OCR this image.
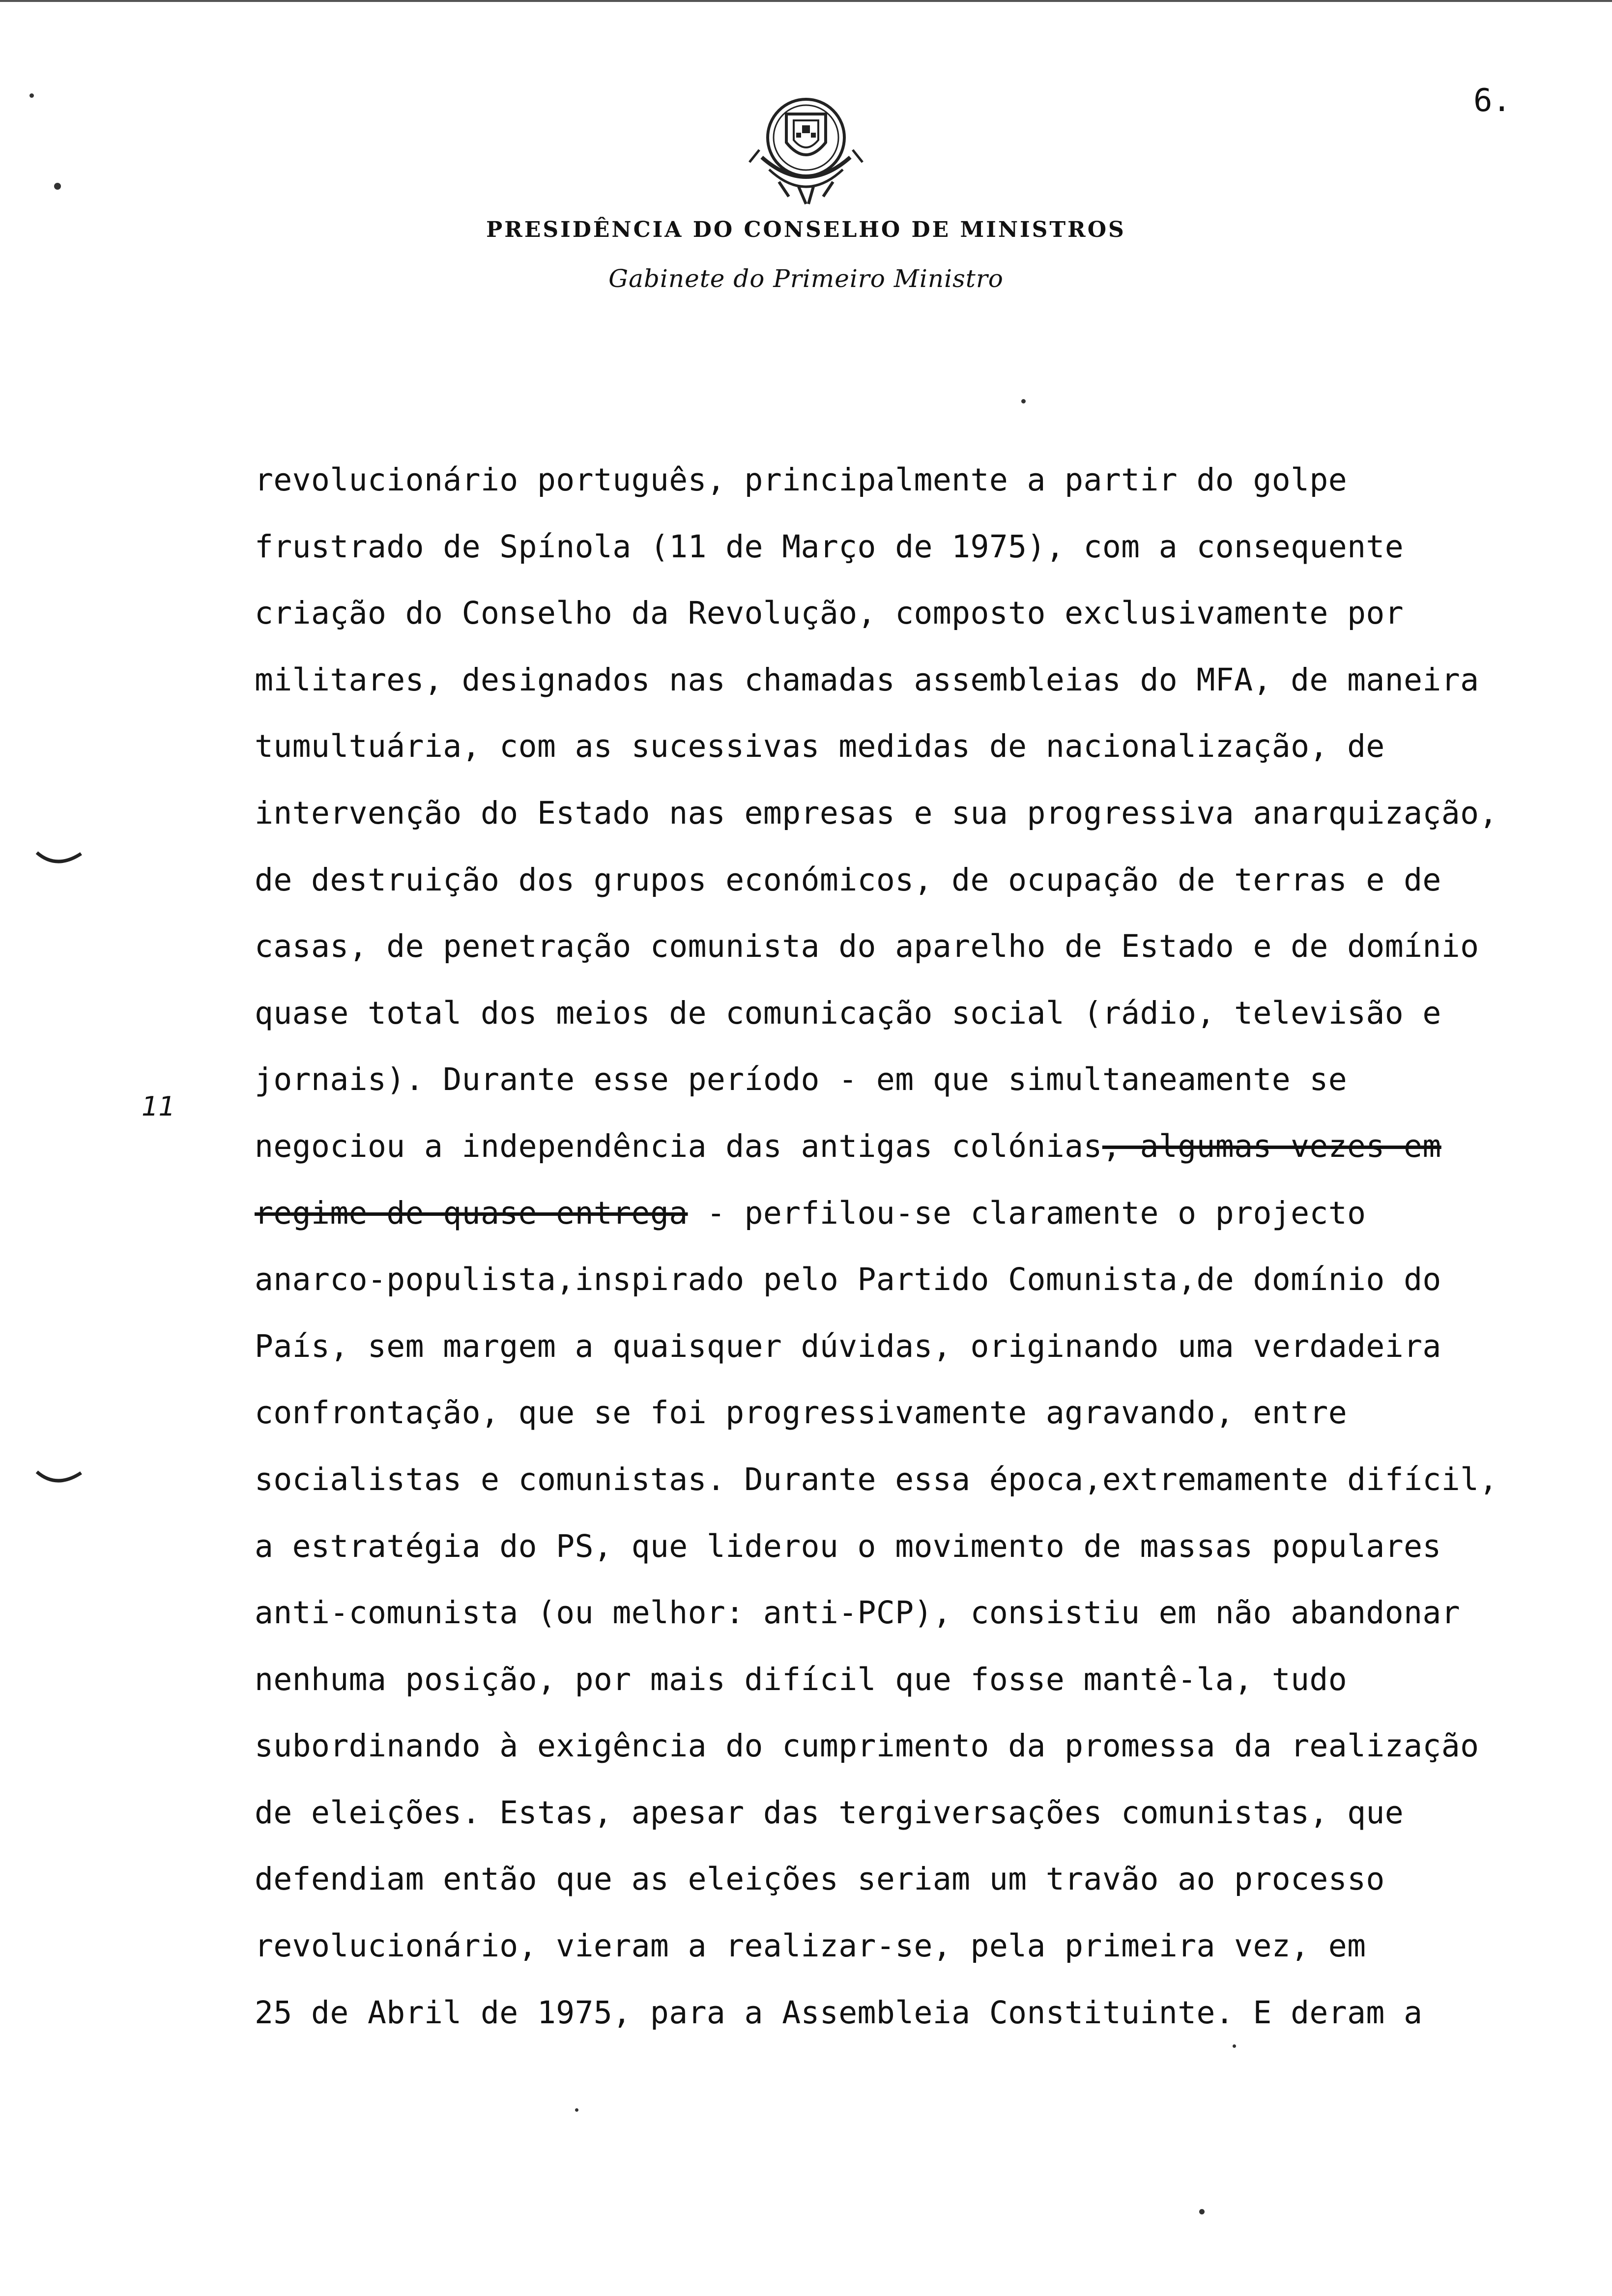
6.
PRESIDÊNCIA DO CONSELHO DE MINISTROS
Gabinete do Primeiro Ministro
11
revolucionário português, principalmente a partir do golpe
frustrado de Spínola (11 de Março de 1975), com a consequente
criação do Conselho da Revolução, composto exclusivamente por
militares, designados nas chamadas assembleias do MFA, de maneira
tumultuária, com as sucessivas medidas de nacionalização, de
intervenção do Estado nas empresas e sua progressiva anarquização,
de destruição dos grupos económicos, de ocupação de terras e de
casas, de penetração comunista do aparelho de Estado e de domínio
quase total dos meios de comunicação social (rádio, televisão e
jornais). Durante esse período - em que simultaneamente se
negociou a independência das antigas colónias, algumas vezes em
regime de quase entrega - perfilou-se claramente o projecto
anarco-populista,inspirado pelo Partido Comunista,de domínio do
País, sem margem a quaisquer dúvidas, originando uma verdadeira
confrontação, que se foi progressivamente agravando, entre
socialistas e comunistas. Durante essa época,extremamente difícil,
a estratégia do PS, que liderou o movimento de massas populares
anti-comunista (ou melhor: anti-PCP), consistiu em não abandonar
nenhuma posição, por mais difícil que fosse mantê-la, tudo
subordinando à exigência do cumprimento da promessa da realização
de eleições. Estas, apesar das tergiversações comunistas, que
defendiam então que as eleições seriam um travão ao processo
revolucionário, vieram a realizar-se, pela primeira vez, em
25 de Abril de 1975, para a Assembleia Constituinte. E deram a
